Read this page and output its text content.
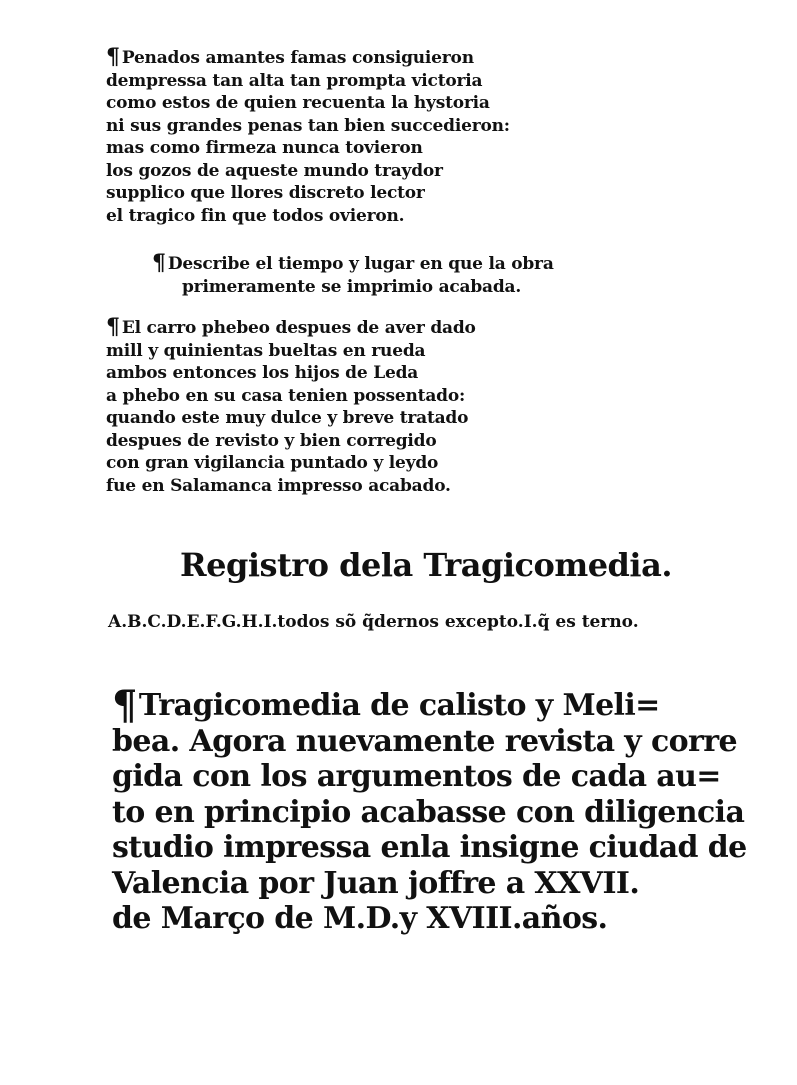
¶ Penados amantes famas consiguieron
dempressa tan alta tan prompta victoria
como estos de quien recuenta la hystoria
ni sus grandes penas tan bien succedieron:
mas como firmeza nunca tovieron
los gozos de aqueste mundo traydor
supplico que llores discreto lector
el tragico fin que todos ovieron.
¶ Describe el tiempo y lugar en que la obra
primeramente se imprimio acabada.
¶ El carro phebeo despues de aver dado
mill y quinientas bueltas en rueda
ambos entonces los hijos de Leda
a phebo en su casa tenien possentado:
quando este muy dulce y breve tratado
despues de revisto y bien corregido
con gran vigilancia puntado y leydo
fue en Salamanca impresso acabado.
Registro dela Tragicomedia.
A.B.C.D.E.F.G.H.I.todos sõ q̃dernos excepto.I.q̃ es terno.
¶Tragicomedia de calisto y Meli=
bea. Agora nuevamente revista y corre
gida con los argumentos de cada au=
to en principio acabasse con diligencia
studio impressa enla insigne ciudad de
Valencia por Juan joffre a XXVII.
de Março de M.D.y XVIII.años.
